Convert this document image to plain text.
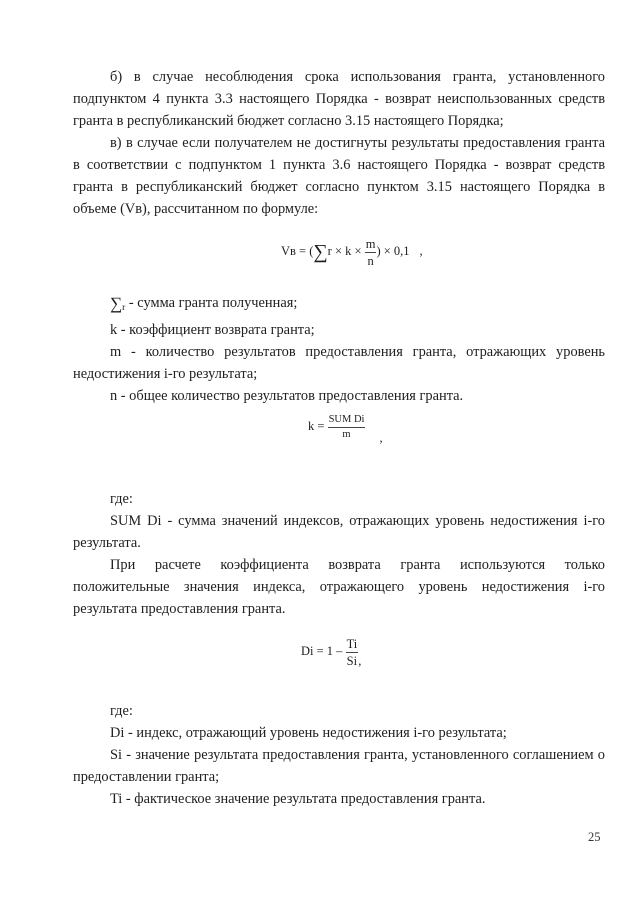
б) в случае несоблюдения срока использования гранта, установленного подпунктом 4 пункта 3.3 настоящего Порядка - возврат неиспользованных средств гранта в республиканский бюджет согласно 3.15 настоящего Порядка;

в) в случае если получателем не достигнуты результаты предоставления гранта в соответствии с подпунктом 1 пункта 3.6 настоящего Порядка - возврат средств гранта в республиканский бюджет согласно пунктом 3.15 настоящего Порядка в объеме (Vв), рассчитанном по формуле:

Vв = ($\sum r \times k \times \frac{m}{n}$ ) × 0,1 ,

$\sum_r$ - сумма гранта полученная;

k - коэффициент возврата гранта;

m - количество результатов предоставления гранта, отражающих уровень недостижения i-го результата;

n - общее количество результатов предоставления гранта.

$k = \frac{\text{SUM Di}}{m}$ ,

где:

SUM Di - сумма значений индексов, отражающих уровень недостижения i-го результата.

При расчете коэффициента возврата гранта используются только положительные значения индекса, отражающего уровень недостижения i-го результата предоставления гранта.

$Di = 1 - \frac{Ti}{Si}$ ,

где:

Di - индекс, отражающий уровень недостижения i-го результата;

Si - значение результата предоставления гранта, установленного соглашением о предоставлении гранта;

Ti - фактическое значение результата предоставления гранта.

25
